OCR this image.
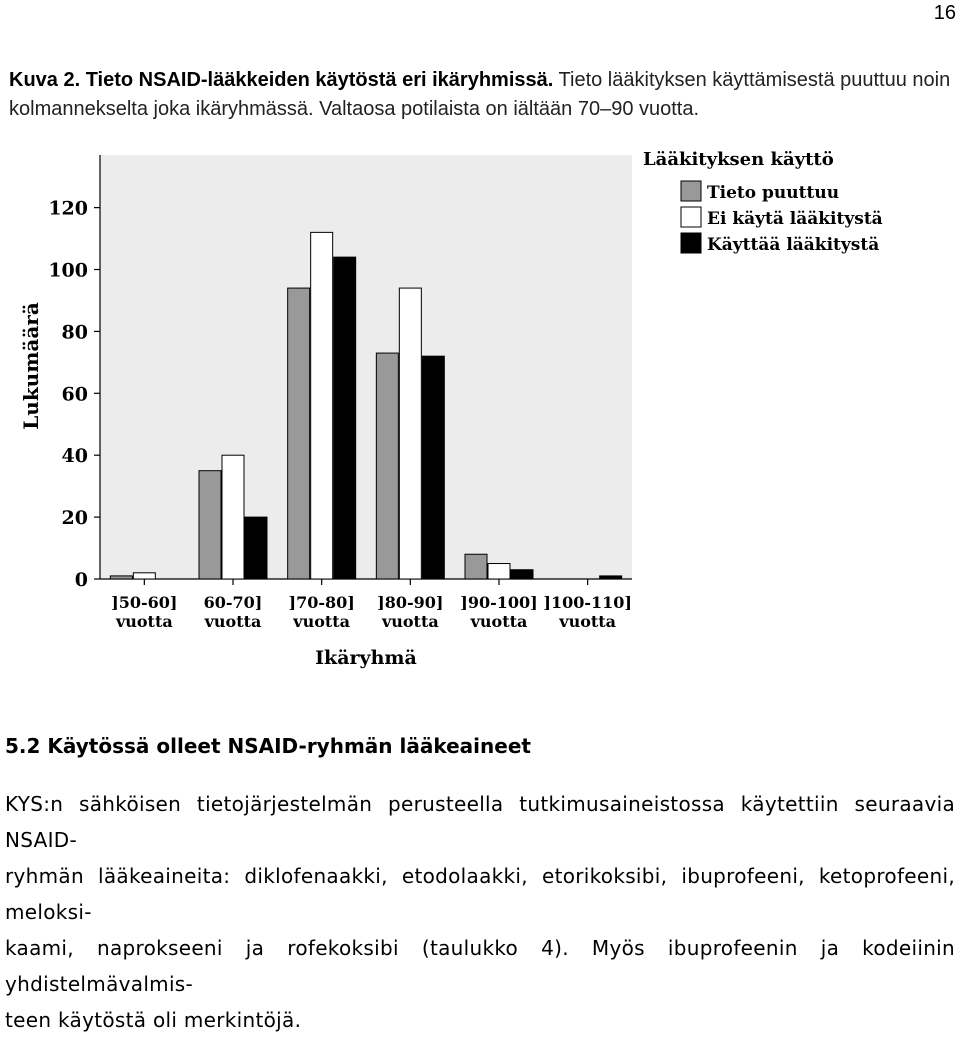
16
Kuva 2. Tieto NSAID-lääkkeiden käytöstä eri ikäryhmissä. Tieto lääkityksen käyttämisestä puuttuu noin kolmannekselta joka ikäryhmässä. Valtaosa potilaista on iältään 70–90 vuotta.
0
20
40
60
80
100
120
]50-60] vuotta
60-70] vuotta
]70-80] vuotta
]80-90] vuotta
]90-100] vuotta
]100-110] vuotta
Lukumäärä
Ikäryhmä
Lääkityksen käyttö
Tieto puuttuu
Ei käytä lääkitystä
Käyttää lääkitystä
5.2 Käytössä olleet NSAID-ryhmän lääkeaineet
KYS:n sähköisen tietojärjestelmän perusteella tutkimusaineistossa käytettiin seuraavia NSAID-
ryhmän lääkeaineita: diklofenaakki, etodolaakki, etorikoksibi, ibuprofeeni, ketoprofeeni, meloksi-
kaami, naprokseeni ja rofekoksibi (taulukko 4). Myös ibuprofeenin ja kodeiinin yhdistelmävalmis-
teen käytöstä oli merkintöjä.
